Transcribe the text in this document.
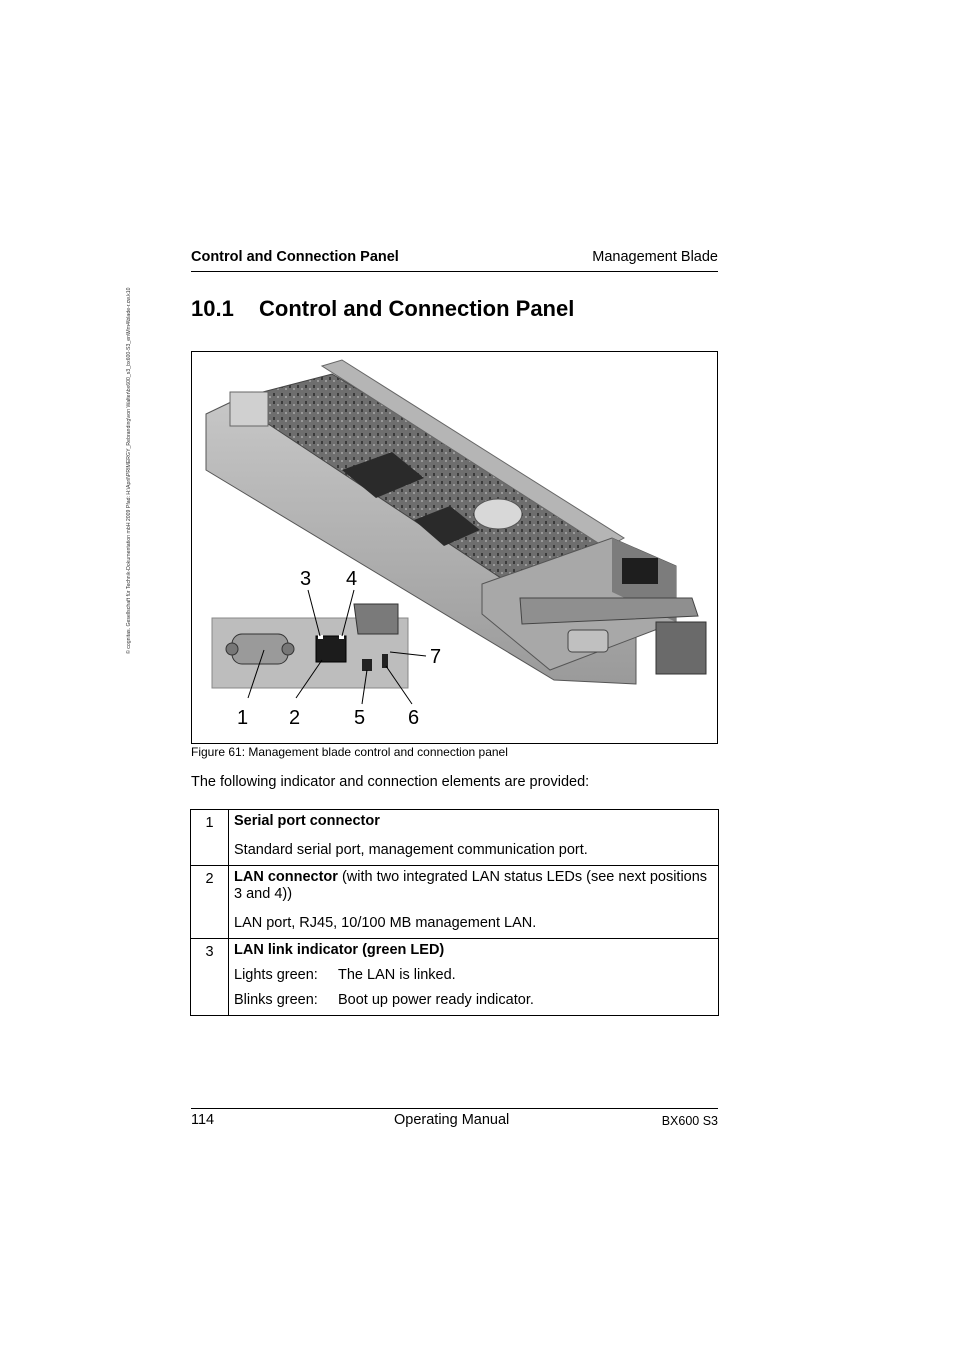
© cognitas. Gesellschaft für Technik-Dokumentation mbH 2009 Pfad: H:\April\PRIMERGY_Rebranding\von Walter\bx600_s3_bx600-S3_en\Mm4\blade-r.cw.k10
Control and Connection Panel	Management Blade
10.1 Control and Connection Panel
1 2
3 4
5 6
7
Figure 61: Management blade control and connection panel
The following indicator and connection elements are provided:
1	Serial port connector

Standard serial port, management communication port.

2	LAN connector (with two integrated LAN status LEDs (see next positions 3 and 4))

LAN port, RJ45, 10/100 MB management LAN.

3	LAN link indicator (green LED)

Lights green: The LAN is linked.
Blinks green: Boot up power ready indicator.
114	Operating Manual	BX600 S3
